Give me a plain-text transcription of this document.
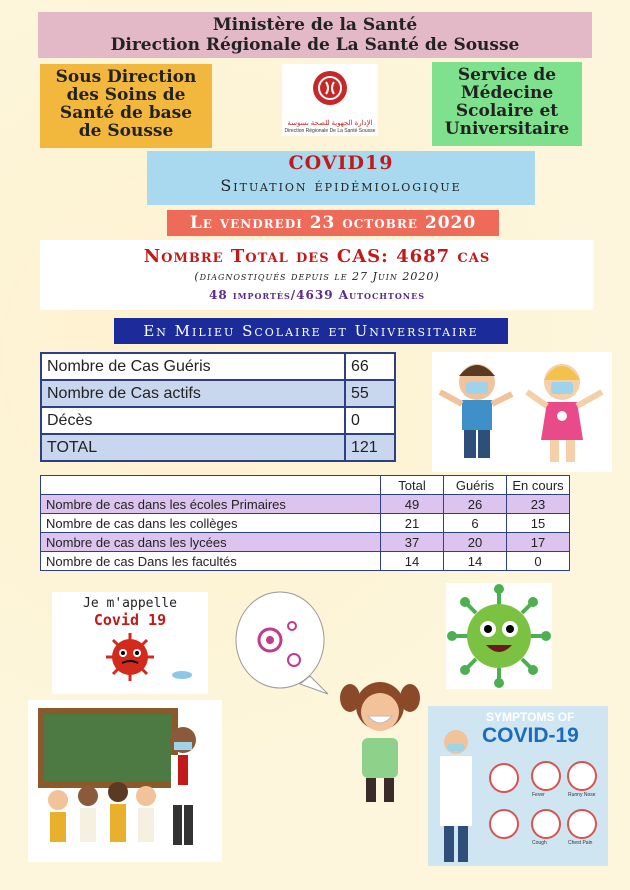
Ministère de la Santé
Direction Régionale de La Santé de Sousse
Sous Direction
des Soins de
Santé de base
de Sousse	الإدارة الجهوية للصحة بسوسة
Direction Régionale De La Santé Sousse
Service de
Médecine
Scolaire et
Universitaire
COVID19
Situation épidémiologique
Le vendredi 23 octobre 2020
Nombre Total des CAS: 4687 cas
(diagnostiqués depuis le 27 Juin 2020)
48 importés/4639 Autochtones
En Milieu Scolaire et Universitaire
Nombre de Cas Guéris	66
Nombre de Cas actifs	55
Décès	0
TOTAL	121
	Total	Guéris	En cours
Nombre de cas dans les écoles Primaires	49	26	23
Nombre de cas dans les collèges	21	6	15
Nombre de cas dans les lycées	37	20	17
Nombre de cas Dans les facultés	14	14	0
Je m'appelle
Covid 19
SYMPTOMS OF
COVID-19
Fever	Runny Nose
Cough	Chest Pain
